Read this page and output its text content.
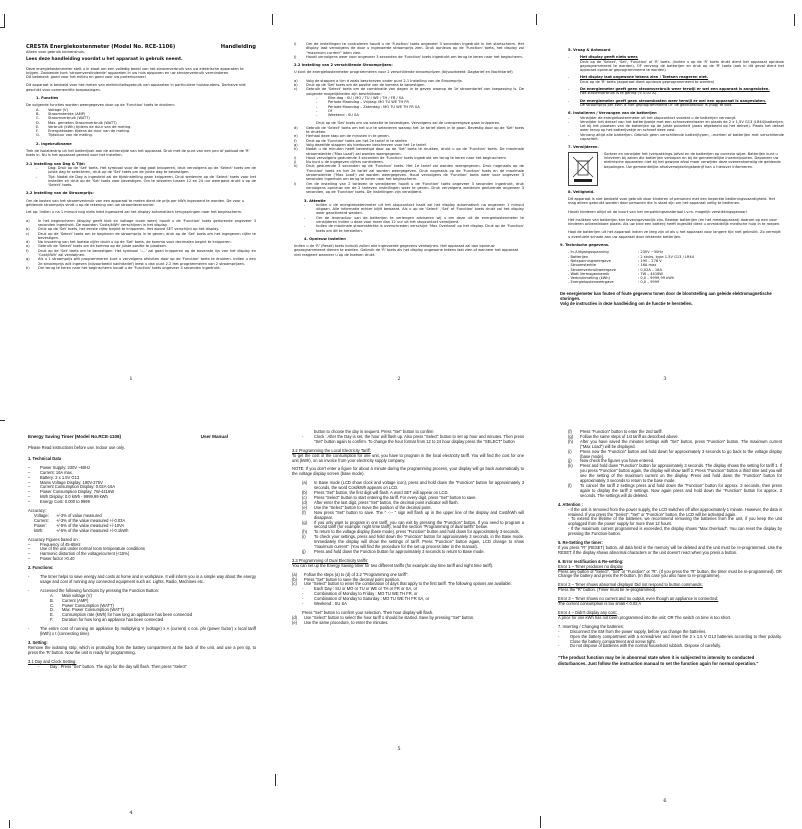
CRESTA Energiekostenmeter (Model No. RCE-1106)	Handleiding
Alleen voor gebruik binnenshuis.
Lees deze handleiding voordat u het apparaat in gebruik neemt.
Deze energiekostenmeter stelt u in staat om een volledig beeld van het stroomverbruik van uw elektrische apparaten te krijgen. Zodoende kunt 'stroomverslindende' apparaten in uw huis opsporen en uw stroomverbruik verminderen.
Dit betekent: goed voor het milieu en goed voor uw portemonnee!
Dit apparaat is bedoeld voor het meten van elektriciteitsgebruik van apparaten in particuliere huishoudens. Derhalve niet geschikt voor commerciële toepassingen.
1. Functies
De volgende functies worden weergegeven door op de 'Function' toets te drukken:
A.	Voltage (V)
B.	Stroomsterkte (AMP)
C.	Stroomverbruik (WATT)
D.	Max. gemeten Stroomverbruik (WATT)
E.	Verbruik (kWh) tijdens de duur van de meting.
F.	Energiekosten tijdens de duur van de meting.
G.	Tijdsduur van de meting.
2. Ingebruikname
Trek de isolatiestrip uit het batterijvak aan de achterzijde van het apparaat. Druk met de punt van een pen of potlood de 'R' toets in. Nu is het apparaat gereed voor het instellen.
2.1 Instelling van Dag & Tijd:
-	Dag: Druk op de 'Set' toets. Het symbool voor de dag gaat knipperen, druk vervolgens op de 'Select' toets om de juiste dag te selecteren, druk op de 'Set' toets om de juiste dag te bevestigen.
-	Tijd: Nadat de Dag is ingesteld zal de tijdsinstelling gaan knipperen. Druk wederom op de 'Select' toets voor het instellen en druk op de 'Set' toets voor bevestigen. Om te wisselen tussen 12 en 24 uur weergave drukt u op de 'Select' toets.
2.2 Instelling van de Stroomprijs:
Om de kosten van het stroomverbruik van een apparaat te meten dient de prijs per kWh ingevoerd te worden. De voor u geldende stroomprijs vindt u op de rekening van uw stroomleverancier.
Let op: Indien u na 1 minuut nog niets hebt ingevoerd zal het display automatisch terugspringen naar het beginscherm.
a)	In het beginscherm (display geeft klok en voltage icoon weer) houdt u de 'Function' toets gedurende ongeveer 3 seconden ingedrukt. De woorden 'Costs/kWh' verschijnen in het display.
b)	Druk op de 'Set' toets, het eerste cijfer begint te knipperen. Het woord SET verschijnt op het display.
c)	Druk op de 'Select' toets om te beginnen de stroomprijs in te geven, druk op de 'Set' toets om het ingegeven cijfer te bevestigen.
d)	Na invoering van het laatste cijfer drukt u op de 'Set' toets, de komma voor decimalen begint te knipperen.
e)	Gebruik de 'Select' toets om de komma op de juiste positie te plaatsen.
f)	Druk op de 'Set' toets om te bevestigen. Het symbool '-:--' zal gaan knipperen op de bovenste lijn van het display en 'Cost/kWh' zal verdwijnen.
g)	Als u 1 stroomprijs wilt programmeren kunt u vervolgens afsluiten door op de 'Function' toets te drukken. Indien u een 2e stroomprijs wilt ingeven (bijvoorbeeld nachttarief) leest u dan punt 2.2 Het programmeren van 2 stroomprijzen.
h)	Om terug te keren naar het beginscherm houdt u de 'Function' toets ongeveer 3 seconden ingedrukt.
1
i)	Om de instellingen te controleren houdt u de 'Function' toets ongeveer 3 seconden ingedrukt in het startscherm. Het display laat vervolgens de door u ingevoerde stroomprijs zien. Druk opnieuw op de 'Function' toets, het display zal "maximum current" laten zien.
j)	Houdt vervolgens weer voor ongeveer 3 seconden de 'Function' toets ingedrukt om terug te keren naar het begischerm.
2.2 Instelling van 2 verschillende Stroomprijzen:
U kunt de energiekostenmeter programmeren voor 2 verschillende stroomprijzen (bijvoorbeeld: Dagtarief en Nachttarief)
a)	Volg de stappen a t/m d zoals beschreven onder punt 2.1 Instelling van de Stroomprijs.
b)	Druk op de 'Set' toets om de positie van de komma te bevestigen.
c)	Gebruik de 'Select' toets om de combinatie van dagen in te geven waarop de 1e stroomtarief van toepassing is. De volgende mogelijkheden zijn beschikbaar:
-	Elke dag : SU / MO / TU / WE / TH / FR / SA
-	Periode Maandag – Vrijdag: MO TU WE TH FR
-	Periode Maandag – Zaterdag : MO TU WE TH FR SA
-	Of
-	Weekend : SU SA
Druk op de 'Set' toets om uw selectie te bevestigen. Vervolgens zal de urenweergave gaan knipperen.
d)	Gebruik de 'Select' toets om het uur te selecteren waarop het 1e tarief dient in te gaan. Bevestig door op de 'Set' toets te drukken.
e)	Herhaal deze stap om de minuten in te geven.
f)	Druk op de 'Function' toets om het 2e tarief in te stellen
g)	Volg dezelfde stappen als hierboven beschreven voor het 1e tarief.
h)	Nadat u de minuten heeft bevestigd door op de 'Set' toets te drukken, drukt u op de 'Function' toets. De maximale stroomsterkte ('Max Load') zal worden weergegeven.
i)	Houd vervolgens gedurende 3 seconden de 'Function' toets ingedrukt om terug te keren naar het beginscherm
j)	Nu kunt u de ingegeven cijfers controleren.
k)	Druk gedurende 3 seconden op de 'Function' toets. Het 1e tarief zal worden weergegeven. Druk nogmaals op de 'Function' toets en het 2e tarief zal worden weergegeven. Druk nogmaals op de 'Function' toets en de maximale stroomsterkte ('Max Load') zal worden weergegeven. Houd vervolgens de 'Function' toets weer voor ongeveer 3 seconden ingedrukt om terug te keren naar het beginscherm.
l)	Om de instelling van 2 tarieven te verwijderen houdt u de 'Function' toets ongeveer 3 seconden ingedrukt, druk vervolgens opnieuw om de 2 tarieven instellingen weer te geven. Druk vervolgens wederom gedurende ongeveer 3 seconden, op de 'Function' toets. De instellingen zijn verwijderd.
3. Attentie
-	Indien u de energiekostenmeter uit het stopcontact haalt zal het display automatisch na ongeveer 1 minuut uitgaan. Alle informatie echter blijft bewaard. Als u op de 'Select' ,'Set' of 'Function' toets drukt zal het display weer geactiveerd warden.
-	Om de levensduur van de batterijen te verlengen adviseren wij u om deze uit de energiekostenmeter te verwijderen indien u deze voor meer dan 12 uur uit het stopcontact verwijderd.
-	Indien de maximale stroomsterkte is overschreden verschijnt 'Max Overload' op het display. Druk op de 'Function' toets om dit te herstellen.
4. Opnieuw Instellen
Indien u de 'R' (Reset) toets indrukt zullen alle ingevoerde gegevens verdwijnen. Het apparaat zal dan opnieuw geprogrammeerd dienen te worden. Gebruik de 'R' toets als het display ongewone tekens laat zien of wanneer het apparaat niet reageert wanneer u op de toetsen drukt.
2
5. Vraag & Antwoord
-	Het display geeft niets weer.
Druk op de 'Select', 'Set', 'Function' of 'R' toets. (Indien u op de 'R' toets drukt dient het apparaat opnieuw geprogrammeerd te worden), OF vervang de batterijen en druk op de 'R' toets (ook in dit geval dient het apparaat opnieuw geprogrammeerd te worden)
-	Het display laat ongewone tekens zien / Toetsen reageren niet.
Druk op de 'R' toets (apparaat dient opnieuw geprogrammeerd te worden)
-	De energiemeter geeft geen stroomverbruik weer terwijl er wel een apparaat is aangesloten.
Het stroomverbruik is te gering (< 0,02 A)
-	De energiemeter geeft geen stroomkosten weer terwijl er wel een apparaat is aangesloten.
De stroomprijs per kWh is niet geprogrammeerd OF de gebruiksduur is (nog) te kort.
6. Installeren / Vervangen van de batterijen
-	Verwijder de energiekostenmeter uit het stopcontact voordat u de batterijen vervangt.
-	Verwijder het deksel van het batterijvakje met een schroevendraaier en plaats de 2 x 1,5V G13 (LR44)batterijen. Let bij het plaatsen van de batterijen op de juiste polariteit (zoals afgebeeld op het deksel). Plaats het deksel weer terug op het batterijvakje en schroef deze vast.
-	Vervang altijd alle batterijen. Gebruik geen verschillende batterijtypen, –merken of batterijen met verschillende capaciteit.
7. Verwijderen.
Sorteer en verwijder het (verpakkings-)afval en de batterijen op correcte wijze. Batterijen kunt u inleveren bij zaken die batterijen verkopen en bij de gemeentelijke inzamelpunten. Deponeer uw elektrische apparaten niet bij het gewone afval maar verwijder deze overeenkomstig de geldende bepalingen. Uw gemeentelijke afvalverwijderingsbedrijf kan u hierover informeren.
8. Veiligheid.
Dit apparaat is niet bedoeld voor gebruik door kinderen of personen met een beperkte bedieningsvaardigheid. Het mag alleen gebruikt worden door personen die in staat zijn om het apparaat veilig te bedienen.
Houdt kinderen altijd uit de buurt van het verpakkingsmateriaal i.v.m. mogelijk verstikkingsgevaar!
Het inslikken van batterijen kan levensgevaarlijk zijn. Bewaar batterijen (en het meetapparaat) daarom op een voor kinderen onbereikbare plaats. Als uw kind een batterij heeft ingeslikt dient u onmiddellijk medische hulp in te roepen.
Haal de batterijen uit het apparaat indien ze leeg zijn of als u het apparaat voor langere tijd niet gebruikt. Zo vermijdt u eventuele schade aan uw apparaat door lekkende batterijen.
9. Technische gegevens.
- In-/Uitgangsspanning	: 230V ~50Hz
- Batterijen	: 2 stuks, type 1.5V G13 / LR44
- Netspanningweergave	: 190 – 276 V
- Stroomsterkte	: 16A max
- Stroomverbruikweergave	: 0,02A – 16A
- Watt Vermogenbereik	: 7W – 4416W
- Verbruikmeting (kWh)	: 0,0 – 9999,99 kWh
- Energiekostenweergave	: 0,0 – 9999
De energiemeter kan fouten of foute gegevens tonen door de blootstelling aan geleide elektromagnetische storingen.
Volg de instructies in deze handleiding om de functie te herstellen.
3
Energy Saving Timer (Model No.RCE-1106)	User Manual
Please Read instructions before use. Indoor use only.
1. Technical Data
–	Power Supply: 230V ~50Hz
–	Current: 16A max.
–	Battery: 2 x 1.5V G13
–	Mains Voltage Display: 190V-276V
–	Current Consumption Display: 0.02A-16A
–	Power Consumption Display: 7W-4416W
–	kWh Display: 0.0 kWh - 9999,99 kWh
–	Energy Cost: 0.000 to 9999
Accuracy:
Voltage:	+/-3% of value measured
Current:	+/-3% of the value measured +/-0.03A
Power:	+/-5% of the value measured +/-10VA
kWh:	+/-5% of the value measured +/-0.1kWh
Accuracy Figures based on :
–	Frequency of 45-65Hz
–	Use of the unit under normal room temperature conditions
–	Harmonic distortion of the voltage/current (<15%)
–	Power factor >0.40
2. Functions:
-	The timer helps to save energy and costs at home and in workplace. It will inform you in a simple way about the energy usage and cost of running any connected equipment such as: Lights, Radio, Machines etc..
-	Accessed the following functions by pressing the Function Button:
A.	Main voltage (V)
B.	Current (AMP)
C.	Power Consumption (WATT)
D.	Max. Power Consumption (WATT)
E.	Consumption rate (kWh) for how long an appliance has been connected
F.	Duration for how long an appliance has been connected
-	The entire cost of running an appliance by multiplying V (voltage) x A (current) x cos. phi (power factor) x local tariff (kWh) x t (connecting time).
3. Setting:
Remove the isolating strip, which is protruding from the battery compartment at the back of the unit, and use a pen tip, to press the 'R' button. Now the unit is ready for programming.
3.1 Day and Clock Setting:
-	Day : Press "Set" button. The sign for the day will flash. Then press "Select"
4
button to choose the day in sequent. Press "Set" button to confirm
-	Clock : After the Day is set, the hour will flash up. Also press "Select" button to set up hour and minutes. Then press "Set" button again to confirm. To change the hour format from 12 to 24 hour display press the "SELECT" button
3.2 Programming the Local Electricity Tariff:
To get the cost of the consumption for one unit, you have to program in the local electricity tariff. You will find the cost for one unit (kWh), on an invoice from your electricity supply company.
NOTE: If you don't enter a figure for about a minute during the programming process, your display will go back automatically to the voltage display screen (base mode).
(a)	In Base mode (LCD show clock and voltage icon), press and hold down the "Function" button for approximately 3 seconds, the word Cost/kWh appears on LCD.
(b)	Press "Set" button, the first digit will flash. A word SET will appear on LCD.
(c)	Press "Select" button to start entering the tariff. For every digit, press "Set" button to save.
(d)	After enter the last digit, press "Set" button, the decimal point indicator will flash.
(e)	Use the "Select" button to move the position of the decimal point.
(f)	Now press "Set" button to save. The " -:-- " sign will flash up in the upper line of the display and Cost/kWh will disappear.
(g)	If you only want to program in one tariff, you can exit by pressing the "Function" button. If you need to program a second tariff (for example: night time tariff), read the section "Programming of dual tariffs" below.
(h)	To return to the voltage display (base mode), press "Function" button and hold down for approximately 3 seconds.
(i)	To check your settings, press and hold down the "Function" button for approximately 3 seconds, in the Base mode. Immediately the display will show the settings of tariff. Press "Function" button again, LCD change to show "maximum current". (You will find the procedure for the set up process later in the manual).
(j)	Press and hold down the Function button for approximately 3 seconds to return to Base mode.
3.3 Programming of Dual Electricity tariffs:
You can set up the Energy Saving timer for two different tariffs (for example: day time tariff and night time tariff).
(a)	Follow the steps (a) to (d) of 3.2 "Programming one tariff".
(b)	Press "Set" button to save the decimal point position.
(c)	Use "Select" button to enter the combination of days that apply to the first tariff. The following options are available:
-	Each Day : SU or MO or TU or WE or TH or FR or SA, or
-	Combination of Monday to Friday : MO TU WE TH FR, or
-	Combination of Monday to Saturday : MO TU WE TH FR SA, or
-	Weekend : SU SA
Press "Set" button to confirm your selection. Then hour display will flash.
(d)	Use "Select" button to select the hour tariff 1 should be started. Save by pressing "Set" button.
(e)	Use the same procedure, to enter the minutes.
5
(f)	Press "Function" button to enter the 2nd tariff.
(g)	Follow the same steps of 1st tariff as described above.
(h)	After you have saved the minutes settings with "Set" button, press "Function" button. The maximum current ("Max Load") will be displayed.
(i)	Press now the "Function" button and hold down for approximately 3 seconds to go back to the voltage display (base mode).
(j)	Now check the figures you have entered.
(k)	Press and hold down "Function" button for approximately 3 seconds. The display shows the setting for tariff 1. If you press "Function" button again, the display will show tariff 2. Press "Function" button a third time and you will see the setting of the maximum current on the display. Press and hold down the "Function" button for approximately 3 seconds to return to the base mode.
(l)	To cancel the tariff 2 settings press and hold down the "Function" button for approx. 3 seconds, then press again to display the tariff 2 settings. Now again press and hold down the "Function" button for approx. 3 seconds. The settings will do deleted.
4. Attention :
- If the unit is removed from the power supply, the LCD switches off after approximately 1 minute. However, the data is retained. If you press the "Select", "Set" or "Function" button, the LCD will be activated again.
- To extend the lifetime of the batteries, we recommend removing the batteries from the unit, if you keep the unit unplugged from the power supply for more than 12 hours.
- If the maximum current programmed is exceeded, the display shows "Max Overload". You can reset the display by pressing the Function-button.
5. Re-Setting the timer:
If you press "R" (RESET) button, all data held in the memory will be deleted and the unit must be re-programmed. Use the RESET if the display shows abnormal characters or the unit doesn't react when you press a button.
6. Error rectification & Re-setting:
Error 1 – Timer produces no display
Press any button of "Select", "Set" or "Function" or "R". (If you press the "R" button, the timer must be re-programmed). OR Change the battery and press the R-button. (In this case you also have to re-programme).
Error 2 – Timer shows abnormal displays/ Did not respond to button commands:
Press the "R" button. (Timer must be re-programmed).
Error 3 – Timer shows no current and no output, even though an appliance is connected:
The current consumption is too small < 0.02 A
Error 4 – Didn't display any cost:
A price for one kWh has not been programmed into the unit; OR The switch on time is too short.
7. Inserting / Changing the batteries:
-	Disconnect the EM from the power supply, before you change the batteries.
-	Open the battery compartment with a screwdriver and insert the 2 x 1.5 V G13 batteries according to their polarity. Close the battery compartment and screw tight.
-	Do not dispose of batteries with the normal household rubbish. Dispose of carefully.
"The product function may be in abnormal state when it is subjected to intensity to conducted disturbances. Just follow the instruction manual to set the function again for normal operation."
6
